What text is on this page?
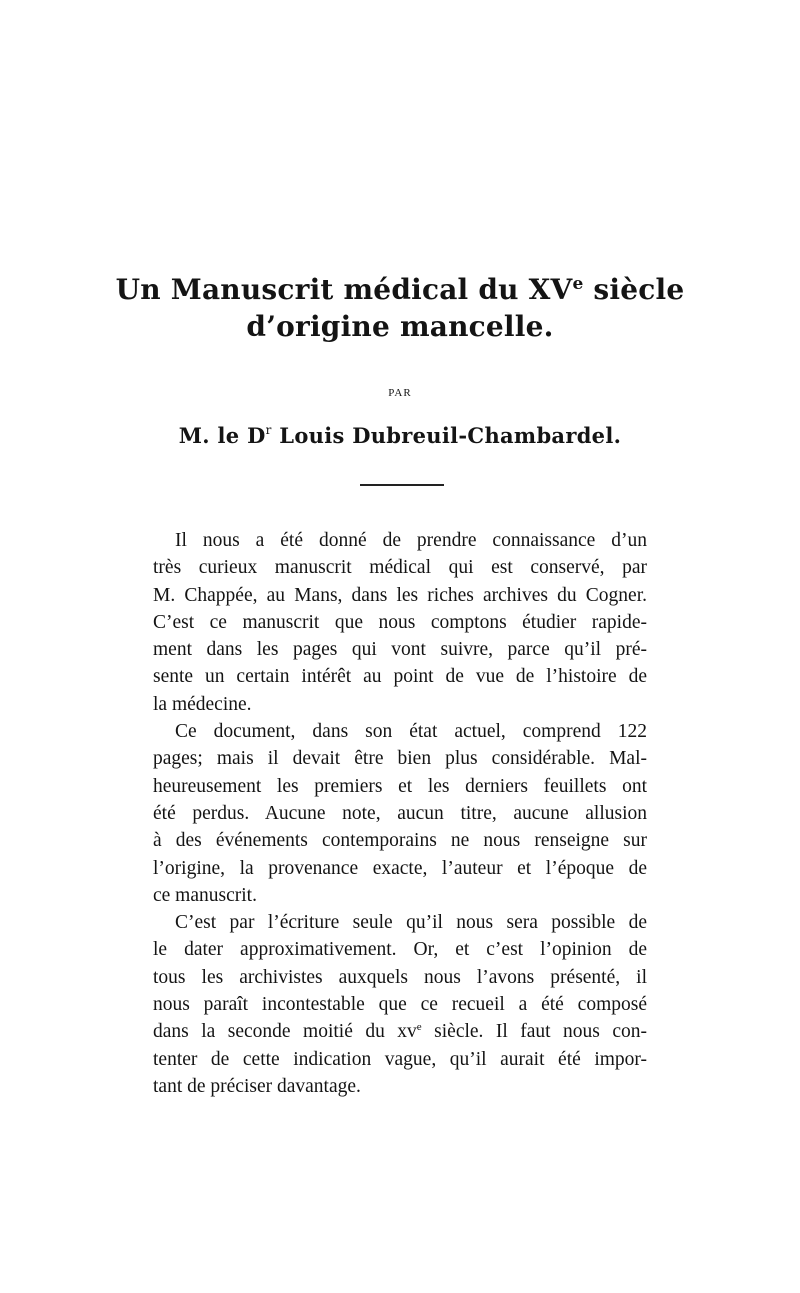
Un Manuscrit médical du XVe siècle
d’origine mancelle.
PAR
M. le $D^r$ Louis Dubreuil-Chambardel.
Il nous a été donné de prendre connaissance d’un
très curieux manuscrit médical qui est conservé, par
M. Chappée, au Mans, dans les riches archives du Cogner.
C’est ce manuscrit que nous comptons étudier rapide-
ment dans les pages qui vont suivre, parce qu’il pré-
sente un certain intérêt au point de vue de l’histoire de
la médecine.
Ce document, dans son état actuel, comprend 122
pages; mais il devait être bien plus considérable. Mal-
heureusement les premiers et les derniers feuillets ont
été perdus. Aucune note, aucun titre, aucune allusion
à des événements contemporains ne nous renseigne sur
l’origine, la provenance exacte, l’auteur et l’époque de
ce manuscrit.
C’est par l’écriture seule qu’il nous sera possible de
le dater approximativement. Or, et c’est l’opinion de
tous les archivistes auxquels nous l’avons présenté, il
nous paraît incontestable que ce recueil a été composé
dans la seconde moitié du $xv^e$ siècle. Il faut nous con-
tenter de cette indication vague, qu’il aurait été impor-
tant de préciser davantage.
